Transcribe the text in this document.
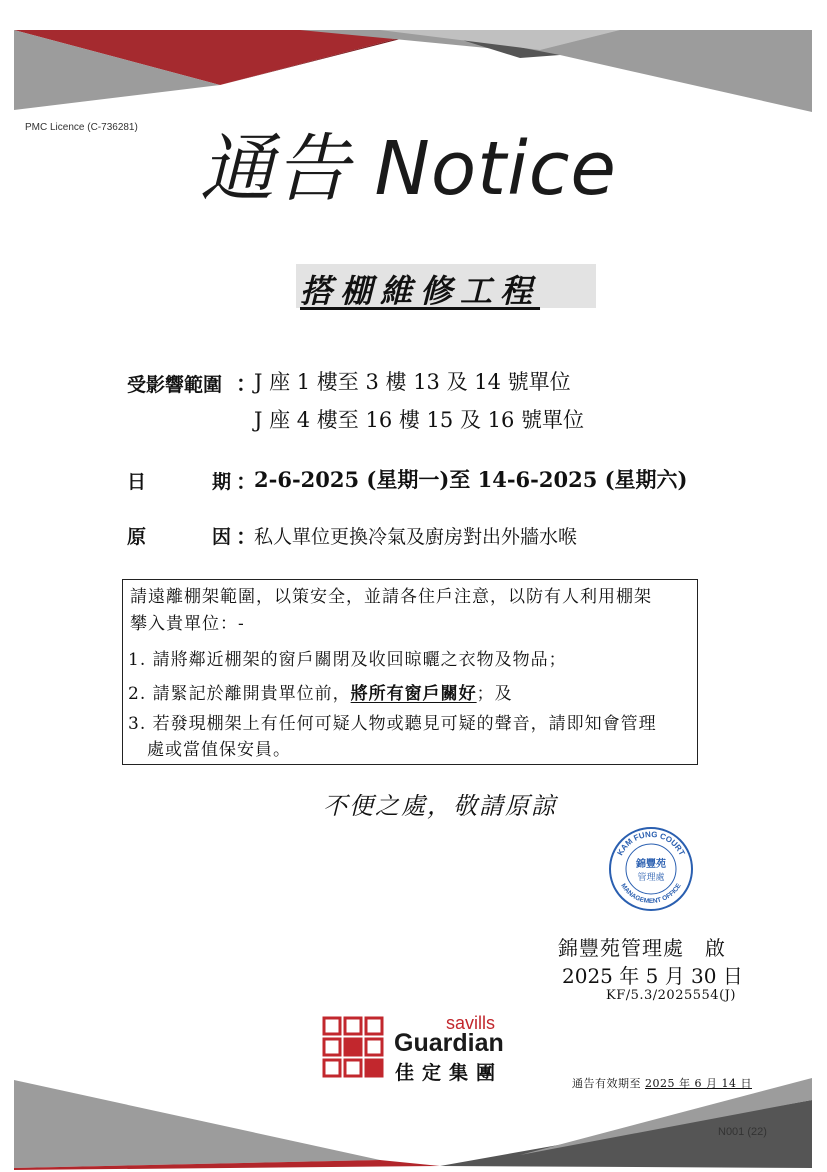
PMC Licence (C-736281) 通告 Notice
搭棚維修工程
受影響範圍 ：
J 座 1 樓至 3 樓 13 及 14 號單位
J 座 4 樓至 16 樓 15 及 16 號單位
日	期 ：
2-6-2025 (星期一)至 14-6-2025 (星期六)
原	因 ：
私人單位更換冷氣及廚房對出外牆水喉
請遠離棚架範圍，以策安全，並請各住戶注意，以防有人利用棚架
攀入貴單位：-
1. 請將鄰近棚架的窗戶關閉及收回晾曬之衣物及物品；
2. 請緊記於離開貴單位前，將所有窗戶關好；及
3. 若發現棚架上有任何可疑人物或聽見可疑的聲音，請即知會管理
處或當值保安員。
不便之處，敬請原諒
KAM FUNG COURT
MANAGEMENT OFFICE
錦豐苑
管理處
錦豐苑管理處　啟
2025 年 5 月 30 日
KF/5.3/2025554(J)
savills
Guardian
佳定集團	通告有效期至 2025 年 6 月 14 日
N001 (22)
